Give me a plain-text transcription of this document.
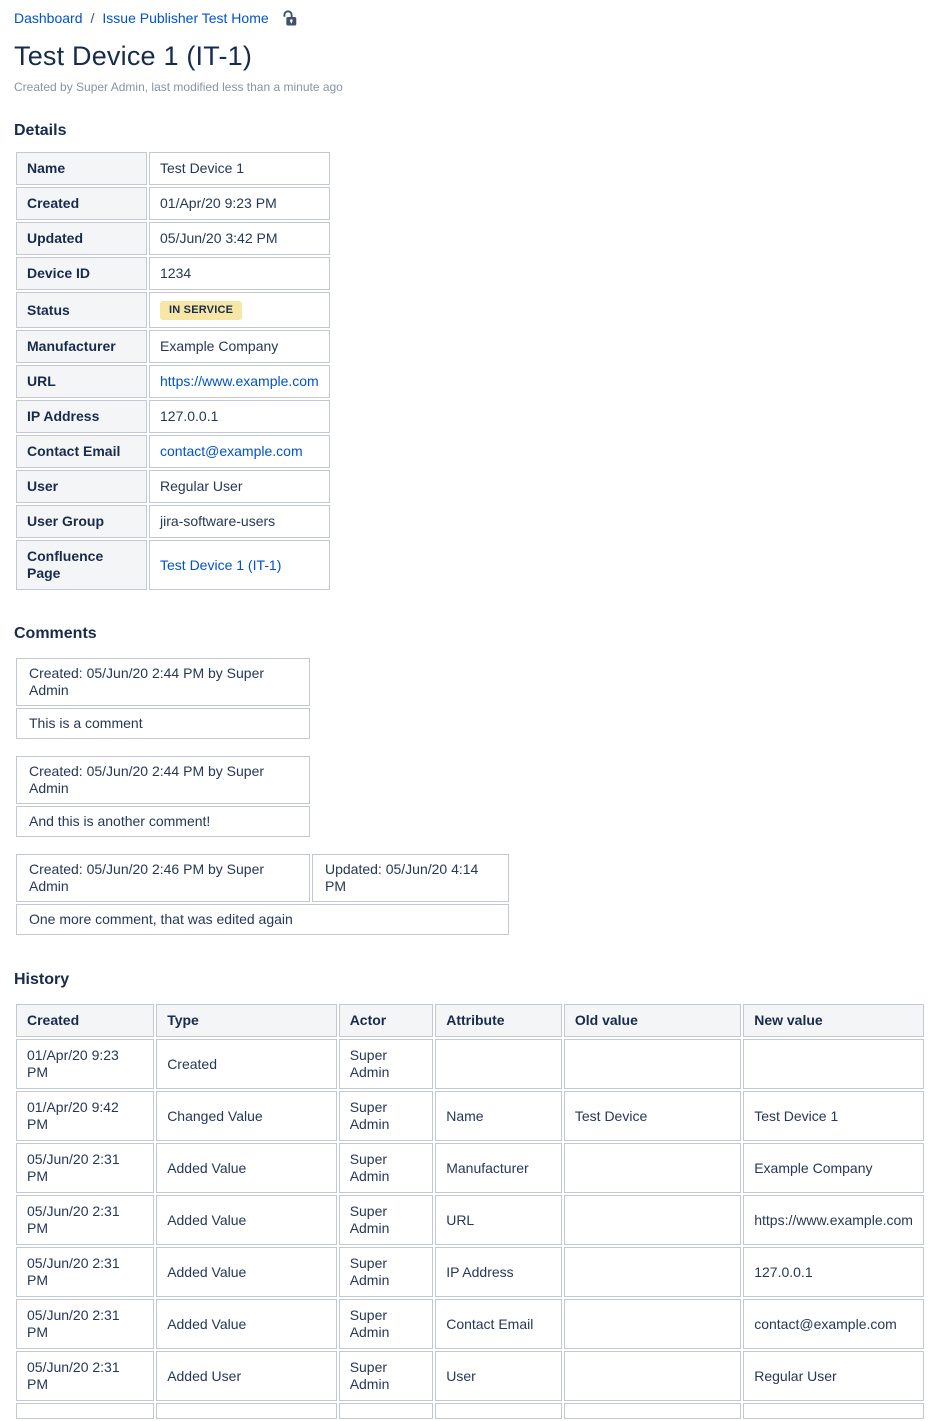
Dashboard / Issue Publisher Test Home
Test Device 1 (IT-1)
Created by Super Admin, last modified less than a minute ago
Details
Name	Test Device 1
Created	01/Apr/20 9:23 PM
Updated	05/Jun/20 3:42 PM
Device ID	1234
Status	IN SERVICE
Manufacturer	Example Company
URL	https://www.example.com
IP Address	127.0.0.1
Contact Email	contact@example.com
User	Regular User
User Group	jira-software-users
Confluence Page	Test Device 1 (IT-1)
Comments
Created: 05/Jun/20 2:44 PM by Super Admin
This is a comment
Created: 05/Jun/20 2:44 PM by Super Admin
And this is another comment!
Created: 05/Jun/20 2:46 PM by Super Admin	Updated: 05/Jun/20 4:14 PM
One more comment, that was edited again
History
Created	Type	Actor	Attribute	Old value	New value
01/Apr/20 9:23 PM	Created	Super Admin			
01/Apr/20 9:42 PM	Changed Value	Super Admin	Name	Test Device	Test Device 1
05/Jun/20 2:31 PM	Added Value	Super Admin	Manufacturer		Example Company
05/Jun/20 2:31 PM	Added Value	Super Admin	URL		https://www.example.com
05/Jun/20 2:31 PM	Added Value	Super Admin	IP Address		127.0.0.1
05/Jun/20 2:31 PM	Added Value	Super Admin	Contact Email		contact@example.com
05/Jun/20 2:31 PM	Added User	Super Admin	User		Regular User
